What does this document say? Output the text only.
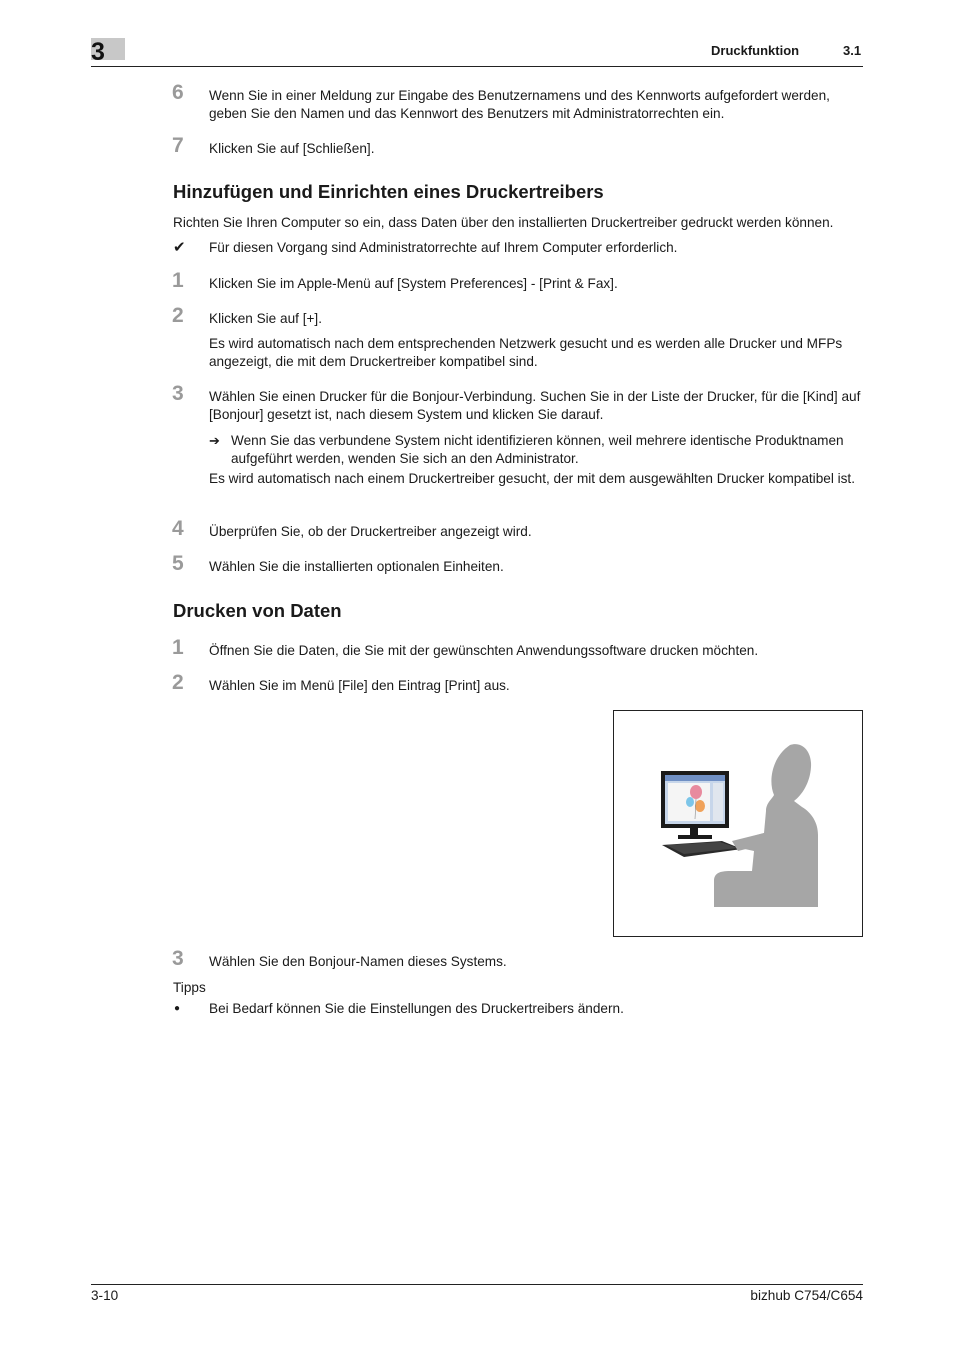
3	Druckfunktion	3.1
6 Wenn Sie in einer Meldung zur Eingabe des Benutzernamens und des Kennworts aufgefordert werden, geben Sie den Namen und das Kennwort des Benutzers mit Administratorrechten ein.
7 Klicken Sie auf [Schließen].
Hinzufügen und Einrichten eines Druckertreibers
Richten Sie Ihren Computer so ein, dass Daten über den installierten Druckertreiber gedruckt werden können.
✔ Für diesen Vorgang sind Administratorrechte auf Ihrem Computer erforderlich.
1 Klicken Sie im Apple-Menü auf [System Preferences] - [Print & Fax].
2 Klicken Sie auf [+].
Es wird automatisch nach dem entsprechenden Netzwerk gesucht und es werden alle Drucker und MFPs angezeigt, die mit dem Druckertreiber kompatibel sind.
3 Wählen Sie einen Drucker für die Bonjour-Verbindung. Suchen Sie in der Liste der Drucker, für die [Kind] auf [Bonjour] gesetzt ist, nach diesem System und klicken Sie darauf.
➔ Wenn Sie das verbundene System nicht identifizieren können, weil mehrere identische Produktnamen aufgeführt werden, wenden Sie sich an den Administrator.
Es wird automatisch nach einem Druckertreiber gesucht, der mit dem ausgewählten Drucker kompatibel ist.
4 Überprüfen Sie, ob der Druckertreiber angezeigt wird.
5 Wählen Sie die installierten optionalen Einheiten.
Drucken von Daten
1 Öffnen Sie die Daten, die Sie mit der gewünschten Anwendungssoftware drucken möchten.
2 Wählen Sie im Menü [File] den Eintrag [Print] aus.
3 Wählen Sie den Bonjour-Namen dieses Systems.
Tipps
● Bei Bedarf können Sie die Einstellungen des Druckertreibers ändern.
3-10	bizhub C754/C654
